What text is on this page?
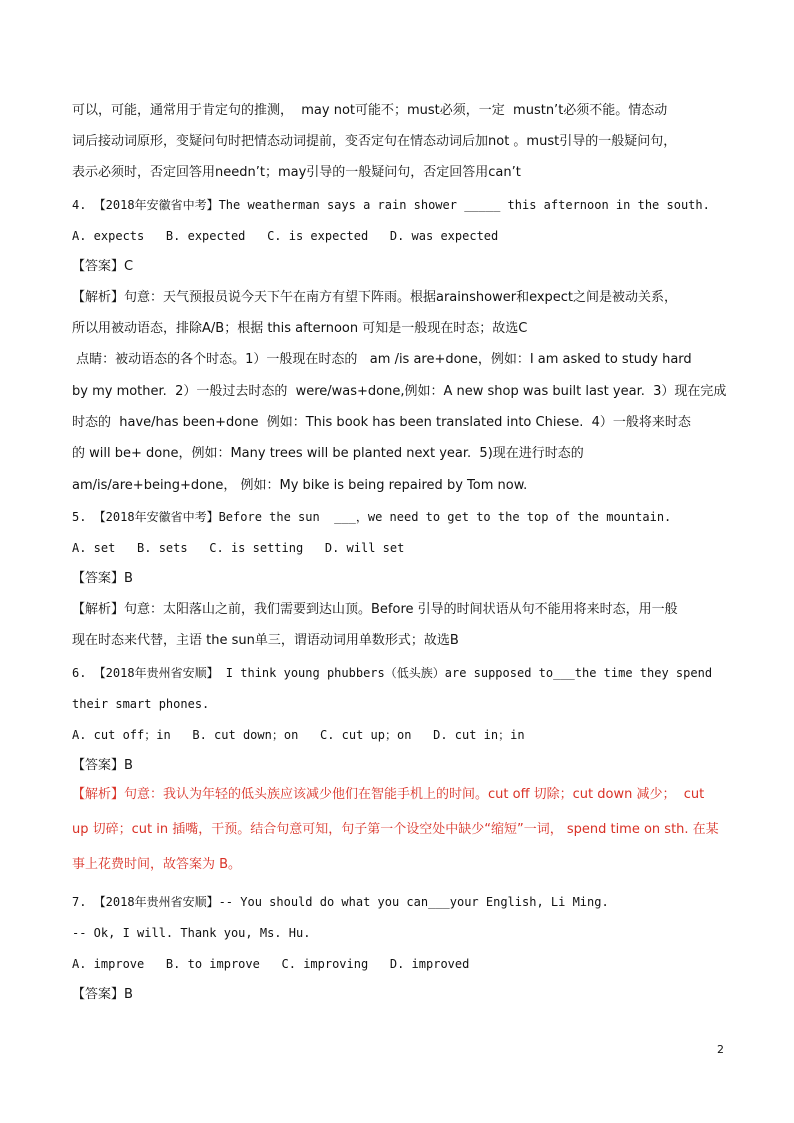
可以，可能，通常用于肯定句的推测，  may not可能不；must必须，一定  mustn’t必须不能。情态动
词后接动词原形，变疑问句时把情态动词提前，变否定句在情态动词后加not 。must引导的一般疑问句，
表示必须时，否定回答用needn’t；may引导的一般疑问句，否定回答用can’t
4. 【2018年安徽省中考】The weatherman says a rain shower _____ this afternoon in the south.
A. expects   B. expected   C. is expected   D. was expected
【答案】C
【解析】句意：天气预报员说今天下午在南方有望下阵雨。根据arainshower和expect之间是被动关系，
所以用被动语态，排除A/B；根据 this afternoon 可知是一般现在时态；故选C
点睛：被动语态的各个时态。1）一般现在时态的   am /is are+done，例如：I am asked to study hard
by my mother.  2）一般过去时态的  were/was+done,例如：A new shop was built last year.  3）现在完成
时态的  have/has been+done  例如：This book has been translated into Chiese.  4）一般将来时态
的 will be+ done，例如：Many trees will be planted next year.  5)现在进行时态的
am/is/are+being+done， 例如：My bike is being repaired by Tom now.
5. 【2018年安徽省中考】Before the sun  ___，we need to get to the top of the mountain.
A. set   B. sets   C. is setting   D. will set
【答案】B
【解析】句意：太阳落山之前，我们需要到达山顶。Before 引导的时间状语从句不能用将来时态，用一般
现在时态来代替，主语 the sun单三，谓语动词用单数形式；故选B
6. 【2018年贵州省安顺】 I think young phubbers（低头族）are supposed to___the time they spend
their smart phones.
A. cut off；in   B. cut down；on   C. cut up；on   D. cut in；in
【答案】B
【解析】句意：我认为年轻的低头族应该减少他们在智能手机上的时间。cut off 切除；cut down 减少；  cut
up 切碎；cut in 插嘴，干预。结合句意可知，句子第一个设空处中缺少“缩短”一词， spend time on sth. 在某
事上花费时间，故答案为 B。
7. 【2018年贵州省安顺】-- You should do what you can___your English, Li Ming.
-- Ok, I will. Thank you, Ms. Hu.
A. improve   B. to improve   C. improving   D. improved
【答案】B
2
